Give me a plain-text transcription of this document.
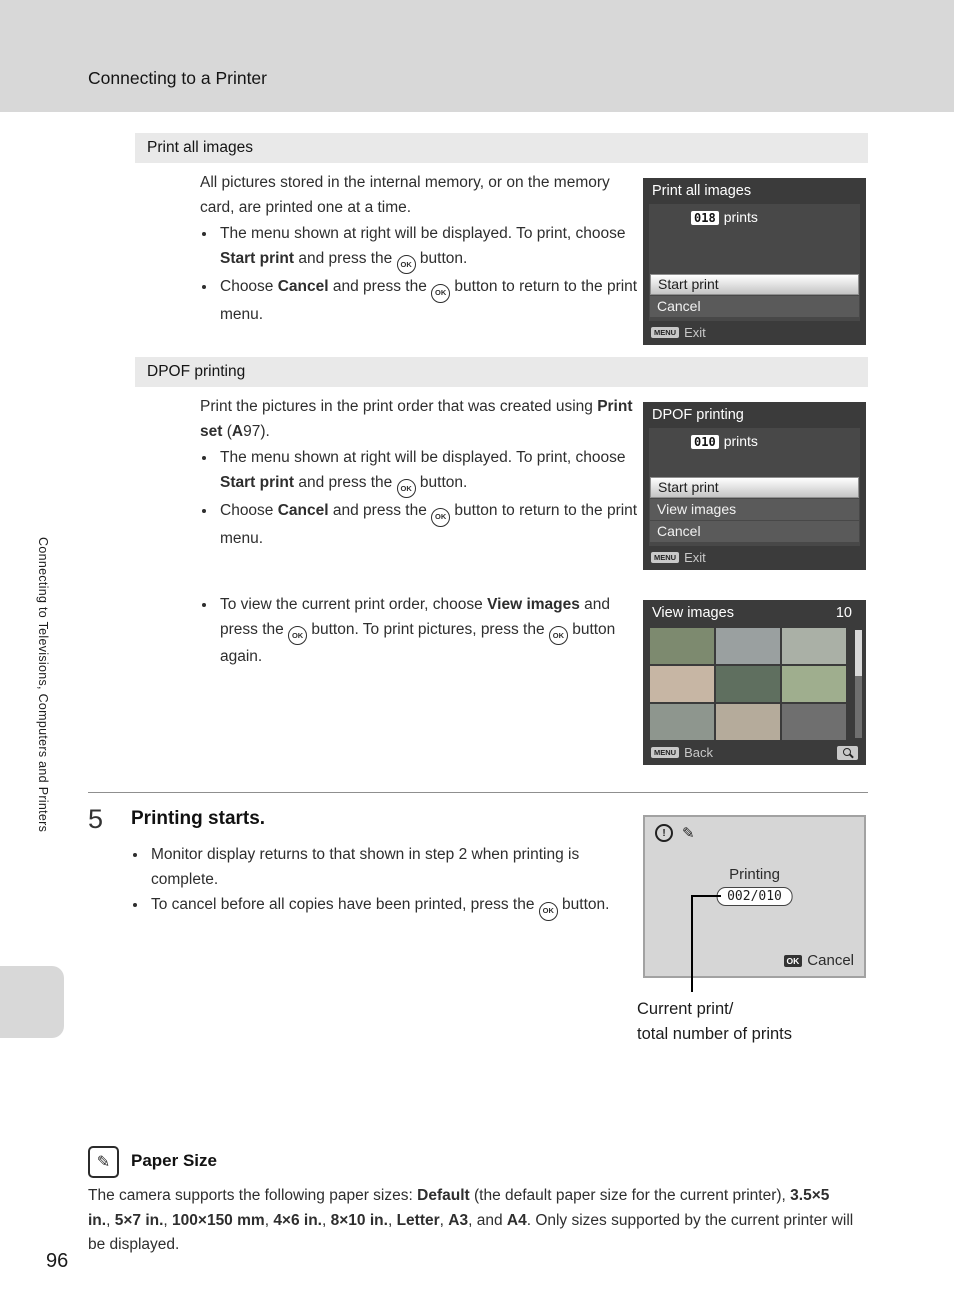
Connecting to a Printer
Connecting to Televisions, Computers and Printers
96
Print all images

All pictures stored in the internal memory, or on the memory card, are printed one at a time.

• The menu shown at right will be displayed. To print, choose Start print and press the OK button.
• Choose Cancel and press the OK button to return to the print menu.
Print all images
018 prints
Start print
Cancel
MENU Exit
DPOF printing

Print the pictures in the print order that was created using Print set (A97).

• The menu shown at right will be displayed. To print, choose Start print and press the OK button.
• Choose Cancel and press the OK button to return to the print menu.
DPOF printing
010 prints
Start print
View images
Cancel
MENU Exit
• To view the current print order, choose View images and press the OK button. To print pictures, press the OK button again.
View images	10
MENU Back
5 Printing starts.
• Monitor display returns to that shown in step 2 when printing is complete.
• To cancel before all copies have been printed, press the OK button.
!	✎
Printing
002/010
OK Cancel
Current print/
total number of prints
✎	Paper Size
The camera supports the following paper sizes: Default (the default paper size for the current printer), 3.5×5 in., 5×7 in., 100×150 mm, 4×6 in., 8×10 in., Letter, A3, and A4. Only sizes supported by the current printer will be displayed.
